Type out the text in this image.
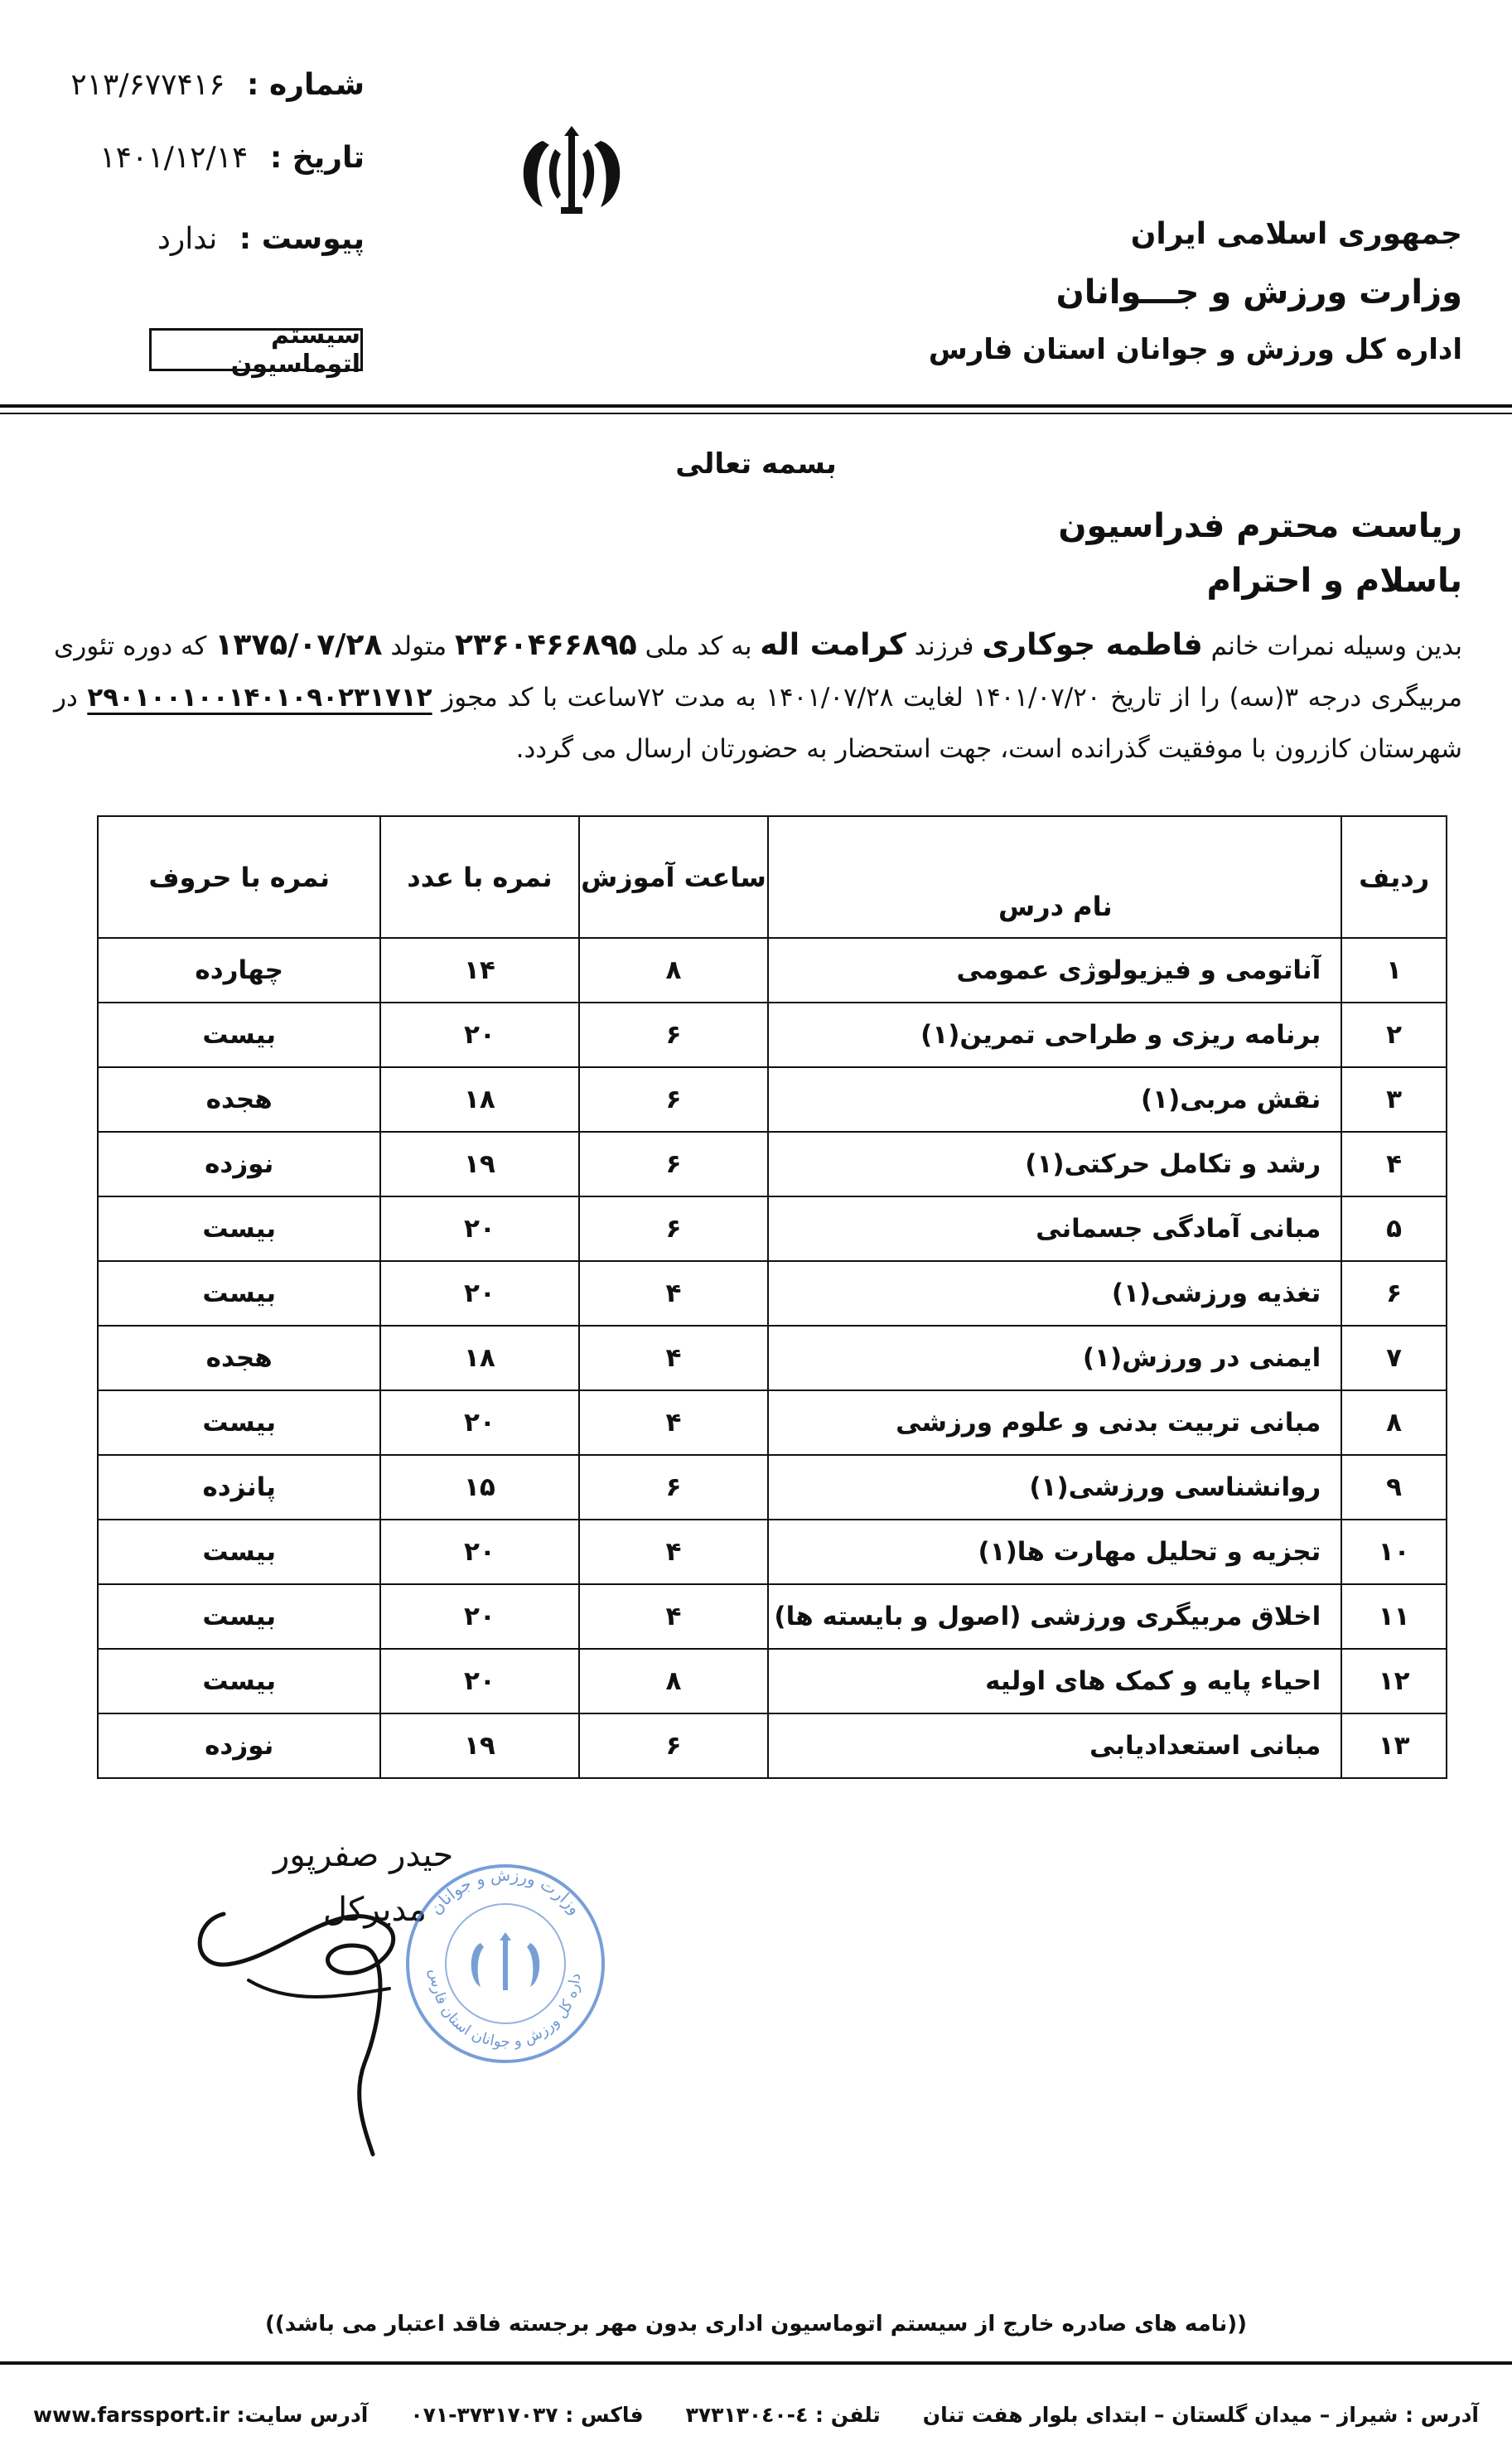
شماره : ۲۱۳/۶۷۷۴۱۶
تاریخ : ۱۴۰۱/۱۲/۱۴
پیوست : ندارد
سیستم اتوماسیون
جمهوری اسلامی ایران
وزارت ورزش و جـــوانان
اداره کل ورزش و جوانان استان فارس
بسمه تعالی
ریاست محترم فدراسیون
باسلام و احترام
بدین وسیله نمرات خانم فاطمه جوکاری فرزند کرامت اله به کد ملی ۲۳۶۰۴۶۶۸۹۵ متولد ۱۳۷۵/۰۷/۲۸ که دوره تئوری مربیگری درجه ۳(سه) را از تاریخ ۱۴۰۱/۰۷/۲۰ لغایت ۱۴۰۱/۰۷/۲۸ به مدت ۷۲ساعت با کد مجوز ۲۹۰۱۰۰۱۰۰۱۴۰۱۰۹۰۲۳۱۷۱۲ در شهرستان کازرون با موفقیت گذرانده است، جهت استحضار به حضورتان ارسال می گردد.
ردیف	نام درس	ساعت آموزش	نمره با عدد	نمره با حروف
۱	آناتومی و فیزیولوژی عمومی	۸	۱۴	چهارده
۲	برنامه ریزی و طراحی تمرین(۱)	۶	۲۰	بیست
۳	نقش مربی(۱)	۶	۱۸	هجده
۴	رشد و تکامل حرکتی(۱)	۶	۱۹	نوزده
۵	مبانی آمادگی جسمانی	۶	۲۰	بیست
۶	تغذیه ورزشی(۱)	۴	۲۰	بیست
۷	ایمنی در ورزش(۱)	۴	۱۸	هجده
۸	مبانی تربیت بدنی و علوم ورزشی	۴	۲۰	بیست
۹	روانشناسی ورزشی(۱)	۶	۱۵	پانزده
۱۰	تجزیه و تحلیل مهارت ها(۱)	۴	۲۰	بیست
۱۱	اخلاق مربیگری ورزشی (اصول و بایسته ها)	۴	۲۰	بیست
۱۲	احیاء پایه و کمک های اولیه	۸	۲۰	بیست
۱۳	مبانی استعدادیابی	۶	۱۹	نوزده
حیدر صفرپور
مدیرکل
وزارت ورزش و جوانان
داره کل ورزش و جوانان استان فارس
((نامه های صادره خارج از سیستم اتوماسیون اداری بدون مهر برجسته فاقد اعتبار می باشد))
آدرس : شیراز – میدان گلستان – ابتدای بلوار هفت تنان
تلفن : ٤-۳۷۳۱۳۰٤٠
فاکس : ۳۷۳۱۷۰۳۷-۰۷۱
آدرس سایت: www.farssport.ir
